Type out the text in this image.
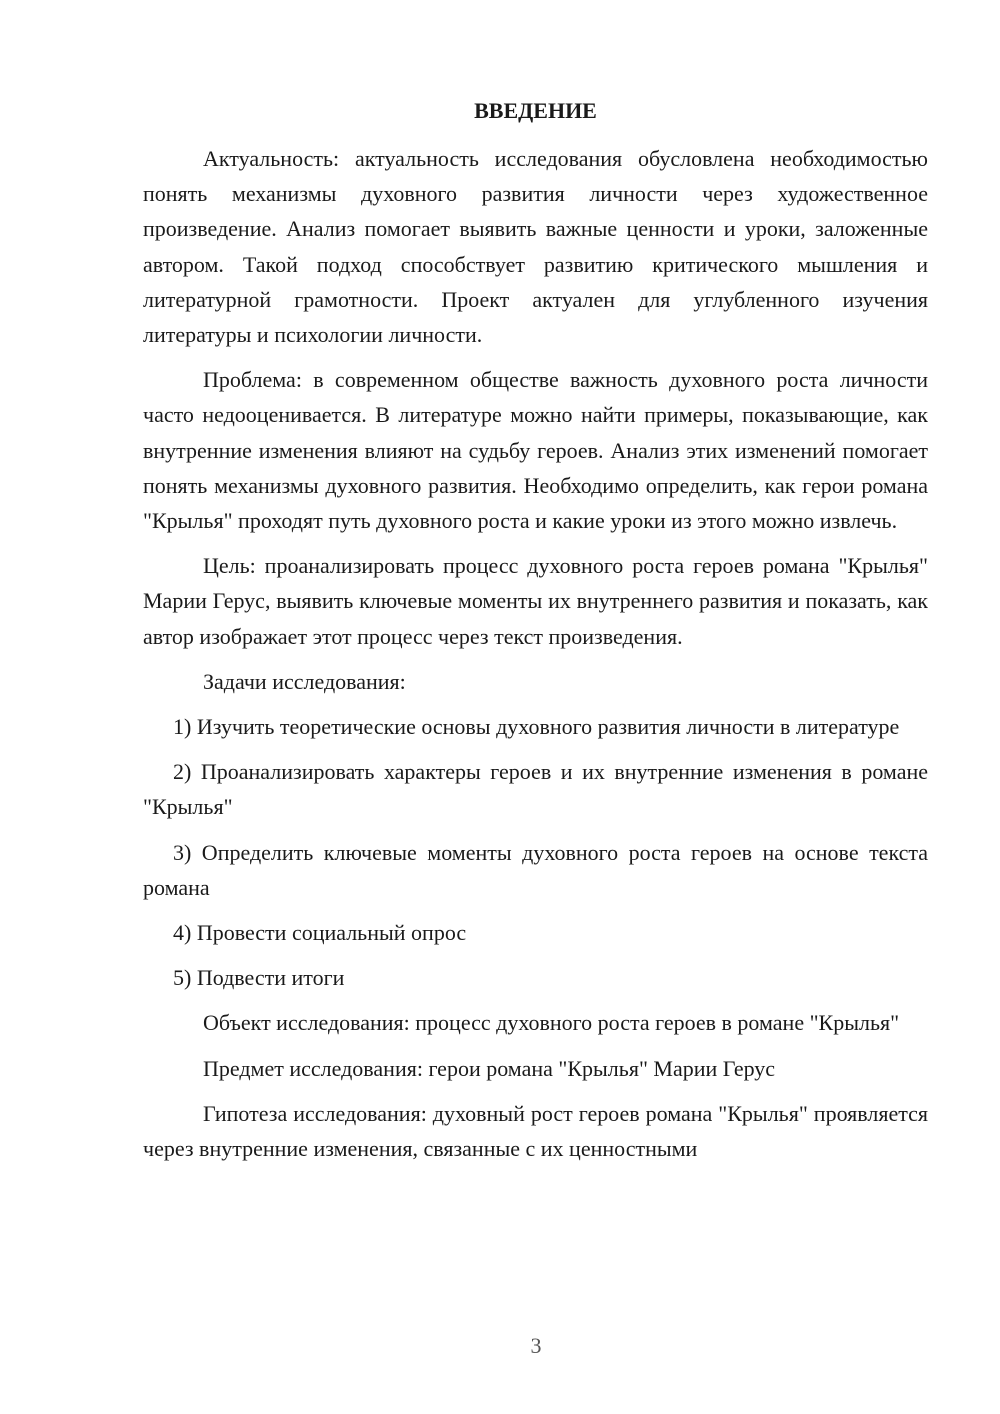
ВВЕДЕНИЕ

Актуальность: актуальность исследования обусловлена необходимостью понять механизмы духовного развития личности через художественное произведение. Анализ помогает выявить важные ценности и уроки, заложенные автором. Такой подход способствует развитию критического мышления и литературной грамотности. Проект актуален для углубленного изучения литературы и психологии личности.

Проблема: в современном обществе важность духовного роста личности часто недооценивается. В литературе можно найти примеры, показывающие, как внутренние изменения влияют на судьбу героев. Анализ этих изменений помогает понять механизмы духовного развития. Необходимо определить, как герои романа "Крылья" проходят путь духовного роста и какие уроки из этого можно извлечь.

Цель: проанализировать процесс духовного роста героев романа "Крылья" Марии Герус, выявить ключевые моменты их внутреннего развития и показать, как автор изображает этот процесс через текст произведения.

Задачи исследования:

1) Изучить теоретические основы духовного развития личности в литературе

2) Проанализировать характеры героев и их внутренние изменения в романе "Крылья"

3) Определить ключевые моменты духовного роста героев на основе текста романа

4) Провести социальный опрос

5) Подвести итоги

Объект исследования: процесс духовного роста героев в романе "Крылья"

Предмет исследования: герои романа "Крылья" Марии Герус

Гипотеза исследования: духовный рост героев романа "Крылья" проявляется через внутренние изменения, связанные с их ценностными

3
